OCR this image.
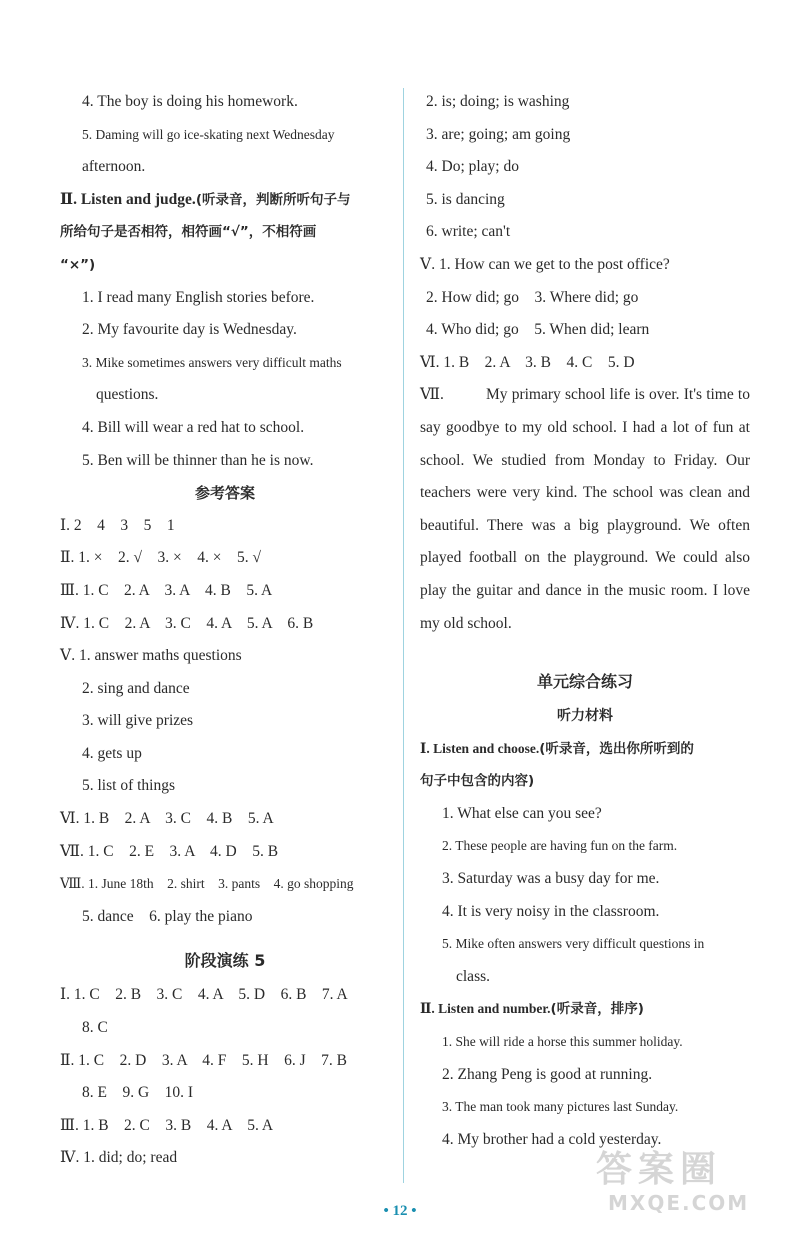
4. The boy is doing his homework.
5. Daming will go ice-skating next Wednesday
afternoon.
Ⅱ. Listen and judge.(听录音，判断所听句子与
所给句子是否相符，相符画“√”，不相符画
“×”)
1. I read many English stories before.
2. My favourite day is Wednesday.
3. Mike sometimes answers very difficult maths
questions.
4. Bill will wear a red hat to school.
5. Ben will be thinner than he is now.
参考答案
Ⅰ. 2　4　3　5　1
Ⅱ. 1. ×　2. √　3. ×　4. ×　5. √
Ⅲ. 1. C　2. A　3. A　4. B　5. A
Ⅳ. 1. C　2. A　3. C　4. A　5. A　6. B
Ⅴ. 1. answer maths questions
2. sing and dance
3. will give prizes
4. gets up
5. list of things
Ⅵ. 1. B　2. A　3. C　4. B　5. A
Ⅶ. 1. C　2. E　3. A　4. D　5. B
Ⅷ. 1. June 18th　2. shirt　3. pants　4. go shopping
5. dance　6. play the piano
阶段演练 5
Ⅰ. 1. C　2. B　3. C　4. A　5. D　6. B　7. A
8. C
Ⅱ. 1. C　2. D　3. A　4. F　5. H　6. J　7. B
8. E　9. G　10. I
Ⅲ. 1. B　2. C　3. B　4. A　5. A
Ⅳ. 1. did; do; read
2. is; doing; is washing
3. are; going; am going
4. Do; play; do
5. is dancing
6. write; can't
Ⅴ. 1. How can we get to the post office?
2. How did; go　3. Where did; go
4. Who did; go　5. When did; learn
Ⅵ. 1. B　2. A　3. B　4. C　5. D
Ⅶ.	My primary school life is over. It's time to say goodbye to my old school. I had a lot of fun at school. We studied from Monday to Friday. Our teachers were very kind. The school was clean and beautiful. There was a big playground. We often played football on the playground. We could also play the guitar and dance in the music room. I love my old school.
单元综合练习
听力材料
Ⅰ. Listen and choose.(听录音，选出你所听到的
句子中包含的内容)
1. What else can you see?
2. These people are having fun on the farm.
3. Saturday was a busy day for me.
4. It is very noisy in the classroom.
5. Mike often answers very difficult questions in
class.
Ⅱ. Listen and number.(听录音，排序)
1. She will ride a horse this summer holiday.
2. Zhang Peng is good at running.
3. The man took many pictures last Sunday.
4. My brother had a cold yesterday.
• 12 •
答案圈
MXQE.COM
